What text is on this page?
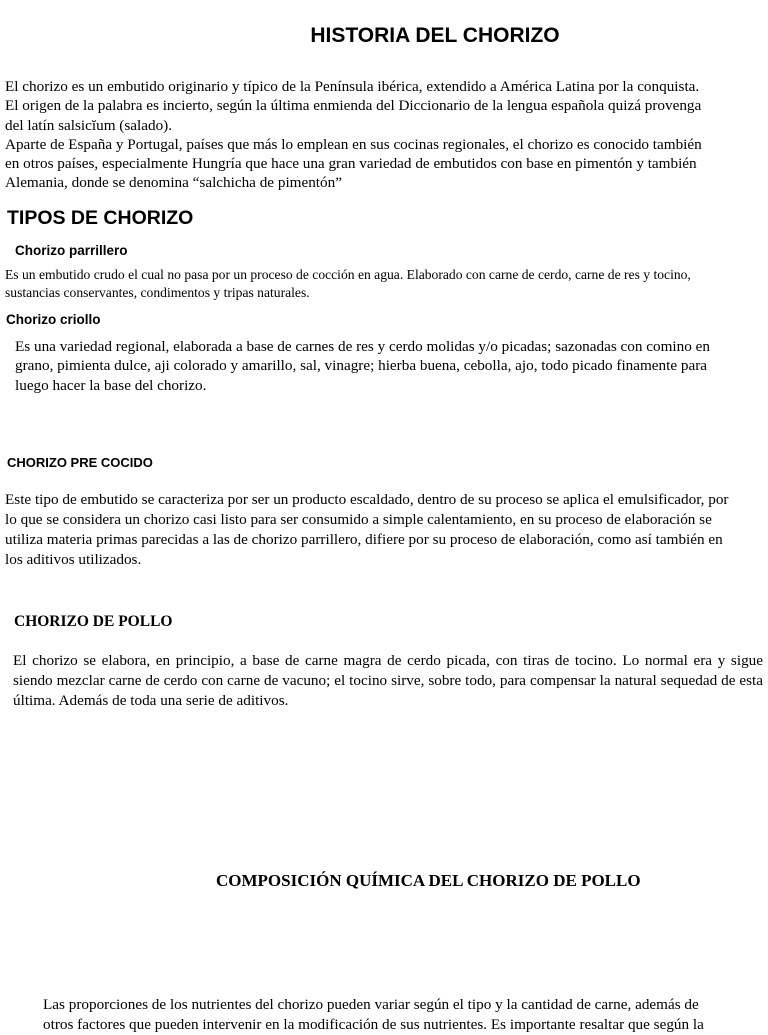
HISTORIA DEL CHORIZO
El chorizo es un embutido originario y típico de la Península ibérica, extendido a América Latina por la conquista.
El origen de la palabra es incierto, según la última enmienda del Diccionario de la lengua española quizá provenga
del latín salsicĭum (salado).
Aparte de España y Portugal, países que más lo emplean en sus cocinas regionales, el chorizo es conocido también
en otros países, especialmente Hungría que hace una gran variedad de embutidos con base en pimentón y también
Alemania, donde se denomina “salchicha de pimentón”
TIPOS DE CHORIZO
Chorizo parrillero
Es un embutido crudo el cual no pasa por un proceso de cocción en agua. Elaborado con carne de cerdo, carne de res y tocino,
sustancias conservantes, condimentos y tripas naturales.
Chorizo criollo
Es una variedad regional, elaborada a base de carnes de res y cerdo molidas y/o picadas; sazonadas con comino en
grano, pimienta dulce, aji colorado y amarillo, sal, vinagre; hierba buena, cebolla, ajo, todo picado finamente para
luego hacer la base del chorizo.
CHORIZO PRE COCIDO
Este tipo de embutido se caracteriza por ser un producto escaldado, dentro de su proceso se aplica el emulsificador, por
lo que se considera un chorizo casi listo para ser consumido a simple calentamiento, en su proceso de elaboración se
utiliza materia primas parecidas a las de chorizo parrillero, difiere por su proceso de elaboración, como así también en
los aditivos utilizados.
CHORIZO DE POLLO
El chorizo se elabora, en principio, a base de carne magra de cerdo picada, con tiras de tocino. Lo normal era y sigue siendo mezclar carne de cerdo con carne de vacuno; el tocino sirve, sobre todo, para compensar la natural sequedad de esta última. Además de toda una serie de aditivos.
COMPOSICIÓN QUÍMICA DEL CHORIZO DE POLLO
Las proporciones de los nutrientes del chorizo pueden variar según el tipo y la cantidad de carne, además de
otros factores que pueden intervenir en la modificación de sus nutrientes. Es importante resaltar que según la
